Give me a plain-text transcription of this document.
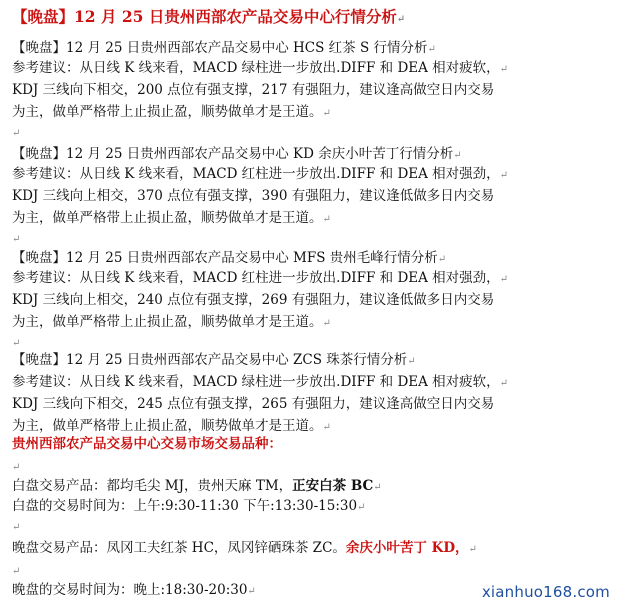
【晚盘】12 月 25 日贵州西部农产品交易中心行情分析↵
【晚盘】12 月 25 日贵州西部农产品交易中心 HCS 红茶 S 行情分析↵
参考建议：从日线 K 线来看，MACD 绿柱进一步放出.DIFF 和 DEA 相对疲软，↵
KDJ 三线向下相交，200 点位有强支撑，217 有强阻力，建议逢高做空日内交易
为主，做单严格带上止损止盈，顺势做单才是王道。↵
↵
【晚盘】12 月 25 日贵州西部农产品交易中心 KD 余庆小叶苦丁行情分析↵
参考建议：从日线 K 线来看，MACD 红柱进一步放出.DIFF 和 DEA 相对强劲，↵
KDJ 三线向上相交，370 点位有强支撑，390 有强阻力，建议逢低做多日内交易
为主，做单严格带上止损止盈，顺势做单才是王道。↵
↵
【晚盘】12 月 25 日贵州西部农产品交易中心 MFS 贵州毛峰行情分析↵
参考建议：从日线 K 线来看，MACD 红柱进一步放出.DIFF 和 DEA 相对强劲，↵
KDJ 三线向上相交，240 点位有强支撑，269 有强阻力，建议逢低做多日内交易
为主，做单严格带上止损止盈，顺势做单才是王道。↵
↵
【晚盘】12 月 25 日贵州西部农产品交易中心 ZCS 珠茶行情分析↵
参考建议：从日线 K 线来看，MACD 绿柱进一步放出.DIFF 和 DEA 相对疲软，↵
KDJ 三线向下相交，245 点位有强支撑，265 有强阻力，建议逢高做空日内交易
为主，做单严格带上止损止盈，顺势做单才是王道。↵
贵州西部农产品交易中心交易市场交易品种：
↵
白盘交易产品：都均毛尖 MJ，贵州天麻 TM，正安白茶 BC↵
白盘的交易时间为：上午:9:30-11:30 下午:13:30-15:30↵
↵
晚盘交易产品：凤冈工夫红茶 HC，凤冈锌硒珠茶 ZC。余庆小叶苦丁 KD，↵
↵
晚盘的交易时间为：晚上:18:30-20:30↵	xianhuo168.com
